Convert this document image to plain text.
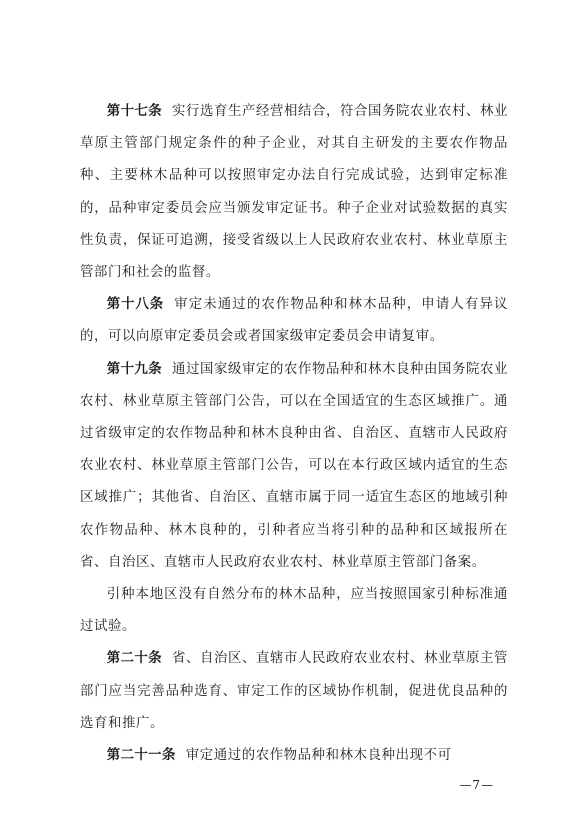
第十七条 实行选育生产经营相结合，符合国务院农业农村、林业草原主管部门规定条件的种子企业，对其自主研发的主要农作物品种、主要林木品种可以按照审定办法自行完成试验，达到审定标准的，品种审定委员会应当颁发审定证书。种子企业对试验数据的真实性负责，保证可追溯，接受省级以上人民政府农业农村、林业草原主管部门和社会的监督。

第十八条 审定未通过的农作物品种和林木品种，申请人有异议的，可以向原审定委员会或者国家级审定委员会申请复审。

第十九条 通过国家级审定的农作物品种和林木良种由国务院农业农村、林业草原主管部门公告，可以在全国适宜的生态区域推广。通过省级审定的农作物品种和林木良种由省、自治区、直辖市人民政府农业农村、林业草原主管部门公告，可以在本行政区域内适宜的生态区域推广；其他省、自治区、直辖市属于同一适宜生态区的地域引种农作物品种、林木良种的，引种者应当将引种的品种和区域报所在省、自治区、直辖市人民政府农业农村、林业草原主管部门备案。

引种本地区没有自然分布的林木品种，应当按照国家引种标准通过试验。

第二十条 省、自治区、直辖市人民政府农业农村、林业草原主管部门应当完善品种选育、审定工作的区域协作机制，促进优良品种的选育和推广。

第二十一条 审定通过的农作物品种和林木良种出现不可

—7—
